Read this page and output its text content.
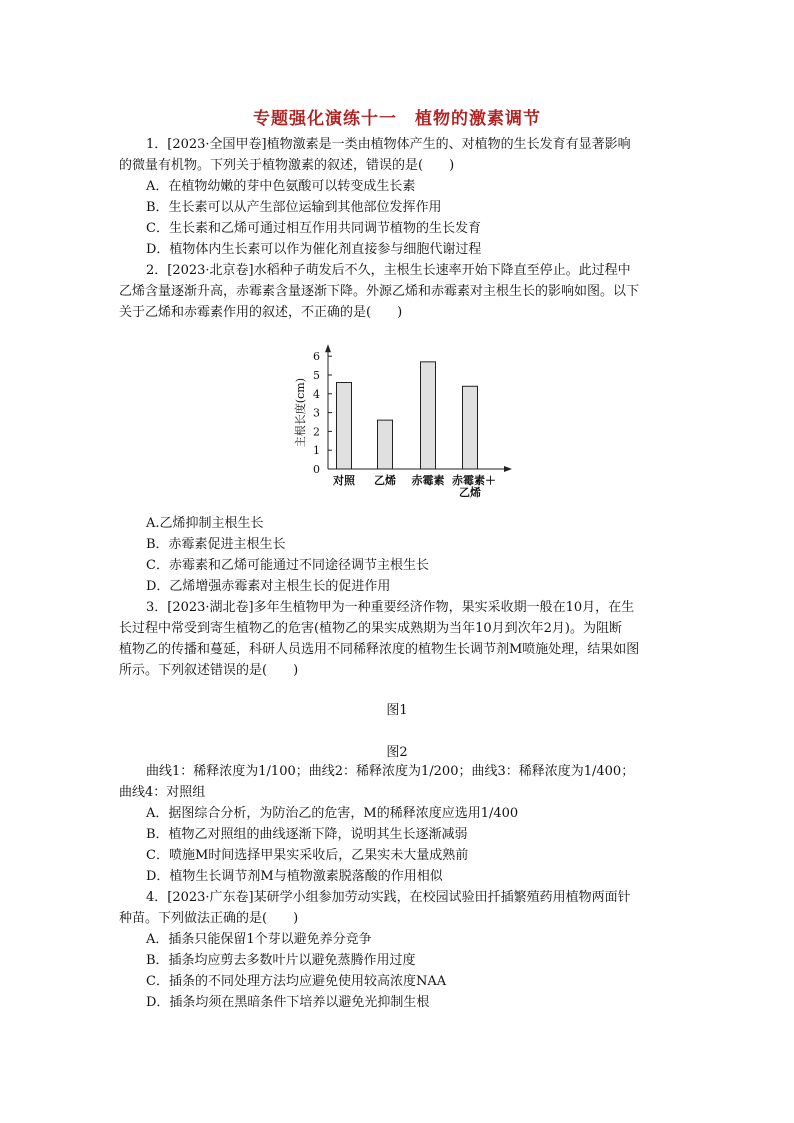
专题强化演练十一　植物的激素调节
1．[2023·全国甲卷]植物激素是一类由植物体产生的、对植物的生长发育有显著影响
的微量有机物。下列关于植物激素的叙述，错误的是(　　)
A．在植物幼嫩的芽中色氨酸可以转变成生长素
B．生长素可以从产生部位运输到其他部位发挥作用
C．生长素和乙烯可通过相互作用共同调节植物的生长发育
D．植物体内生长素可以作为催化剂直接参与细胞代谢过程
2．[2023·北京卷]水稻种子萌发后不久，主根生长速率开始下降直至停止。此过程中
乙烯含量逐渐升高，赤霉素含量逐渐下降。外源乙烯和赤霉素对主根生长的影响如图。以下
关于乙烯和赤霉素作用的叙述，不正确的是(　　)
0
1
2
3
4
5
6
主根长度(cm)
对照 乙烯 赤霉素 赤霉素＋
乙烯
A.乙烯抑制主根生长
B．赤霉素促进主根生长
C．赤霉素和乙烯可能通过不同途径调节主根生长
D．乙烯增强赤霉素对主根生长的促进作用
3．[2023·湖北卷]多年生植物甲为一种重要经济作物，果实采收期一般在10月，在生
长过程中常受到寄生植物乙的危害(植物乙的果实成熟期为当年10月到次年2月)。为阻断
植物乙的传播和蔓延，科研人员选用不同稀释浓度的植物生长调节剂M喷施处理，结果如图
所示。下列叙述错误的是(　　)
图1
图2
曲线1：稀释浓度为1/100；曲线2：稀释浓度为1/200；曲线3：稀释浓度为1/400；
曲线4：对照组
A．据图综合分析，为防治乙的危害，M的稀释浓度应选用1/400
B．植物乙对照组的曲线逐渐下降，说明其生长逐渐减弱
C．喷施M时间选择甲果实采收后，乙果实未大量成熟前
D．植物生长调节剂M与植物激素脱落酸的作用相似
4．[2023·广东卷]某研学小组参加劳动实践，在校园试验田扦插繁殖药用植物两面针
种苗。下列做法正确的是(　　)
A．插条只能保留1个芽以避免养分竞争
B．插条均应剪去多数叶片以避免蒸腾作用过度
C．插条的不同处理方法均应避免使用较高浓度NAA
D．插条均须在黑暗条件下培养以避免光抑制生根
